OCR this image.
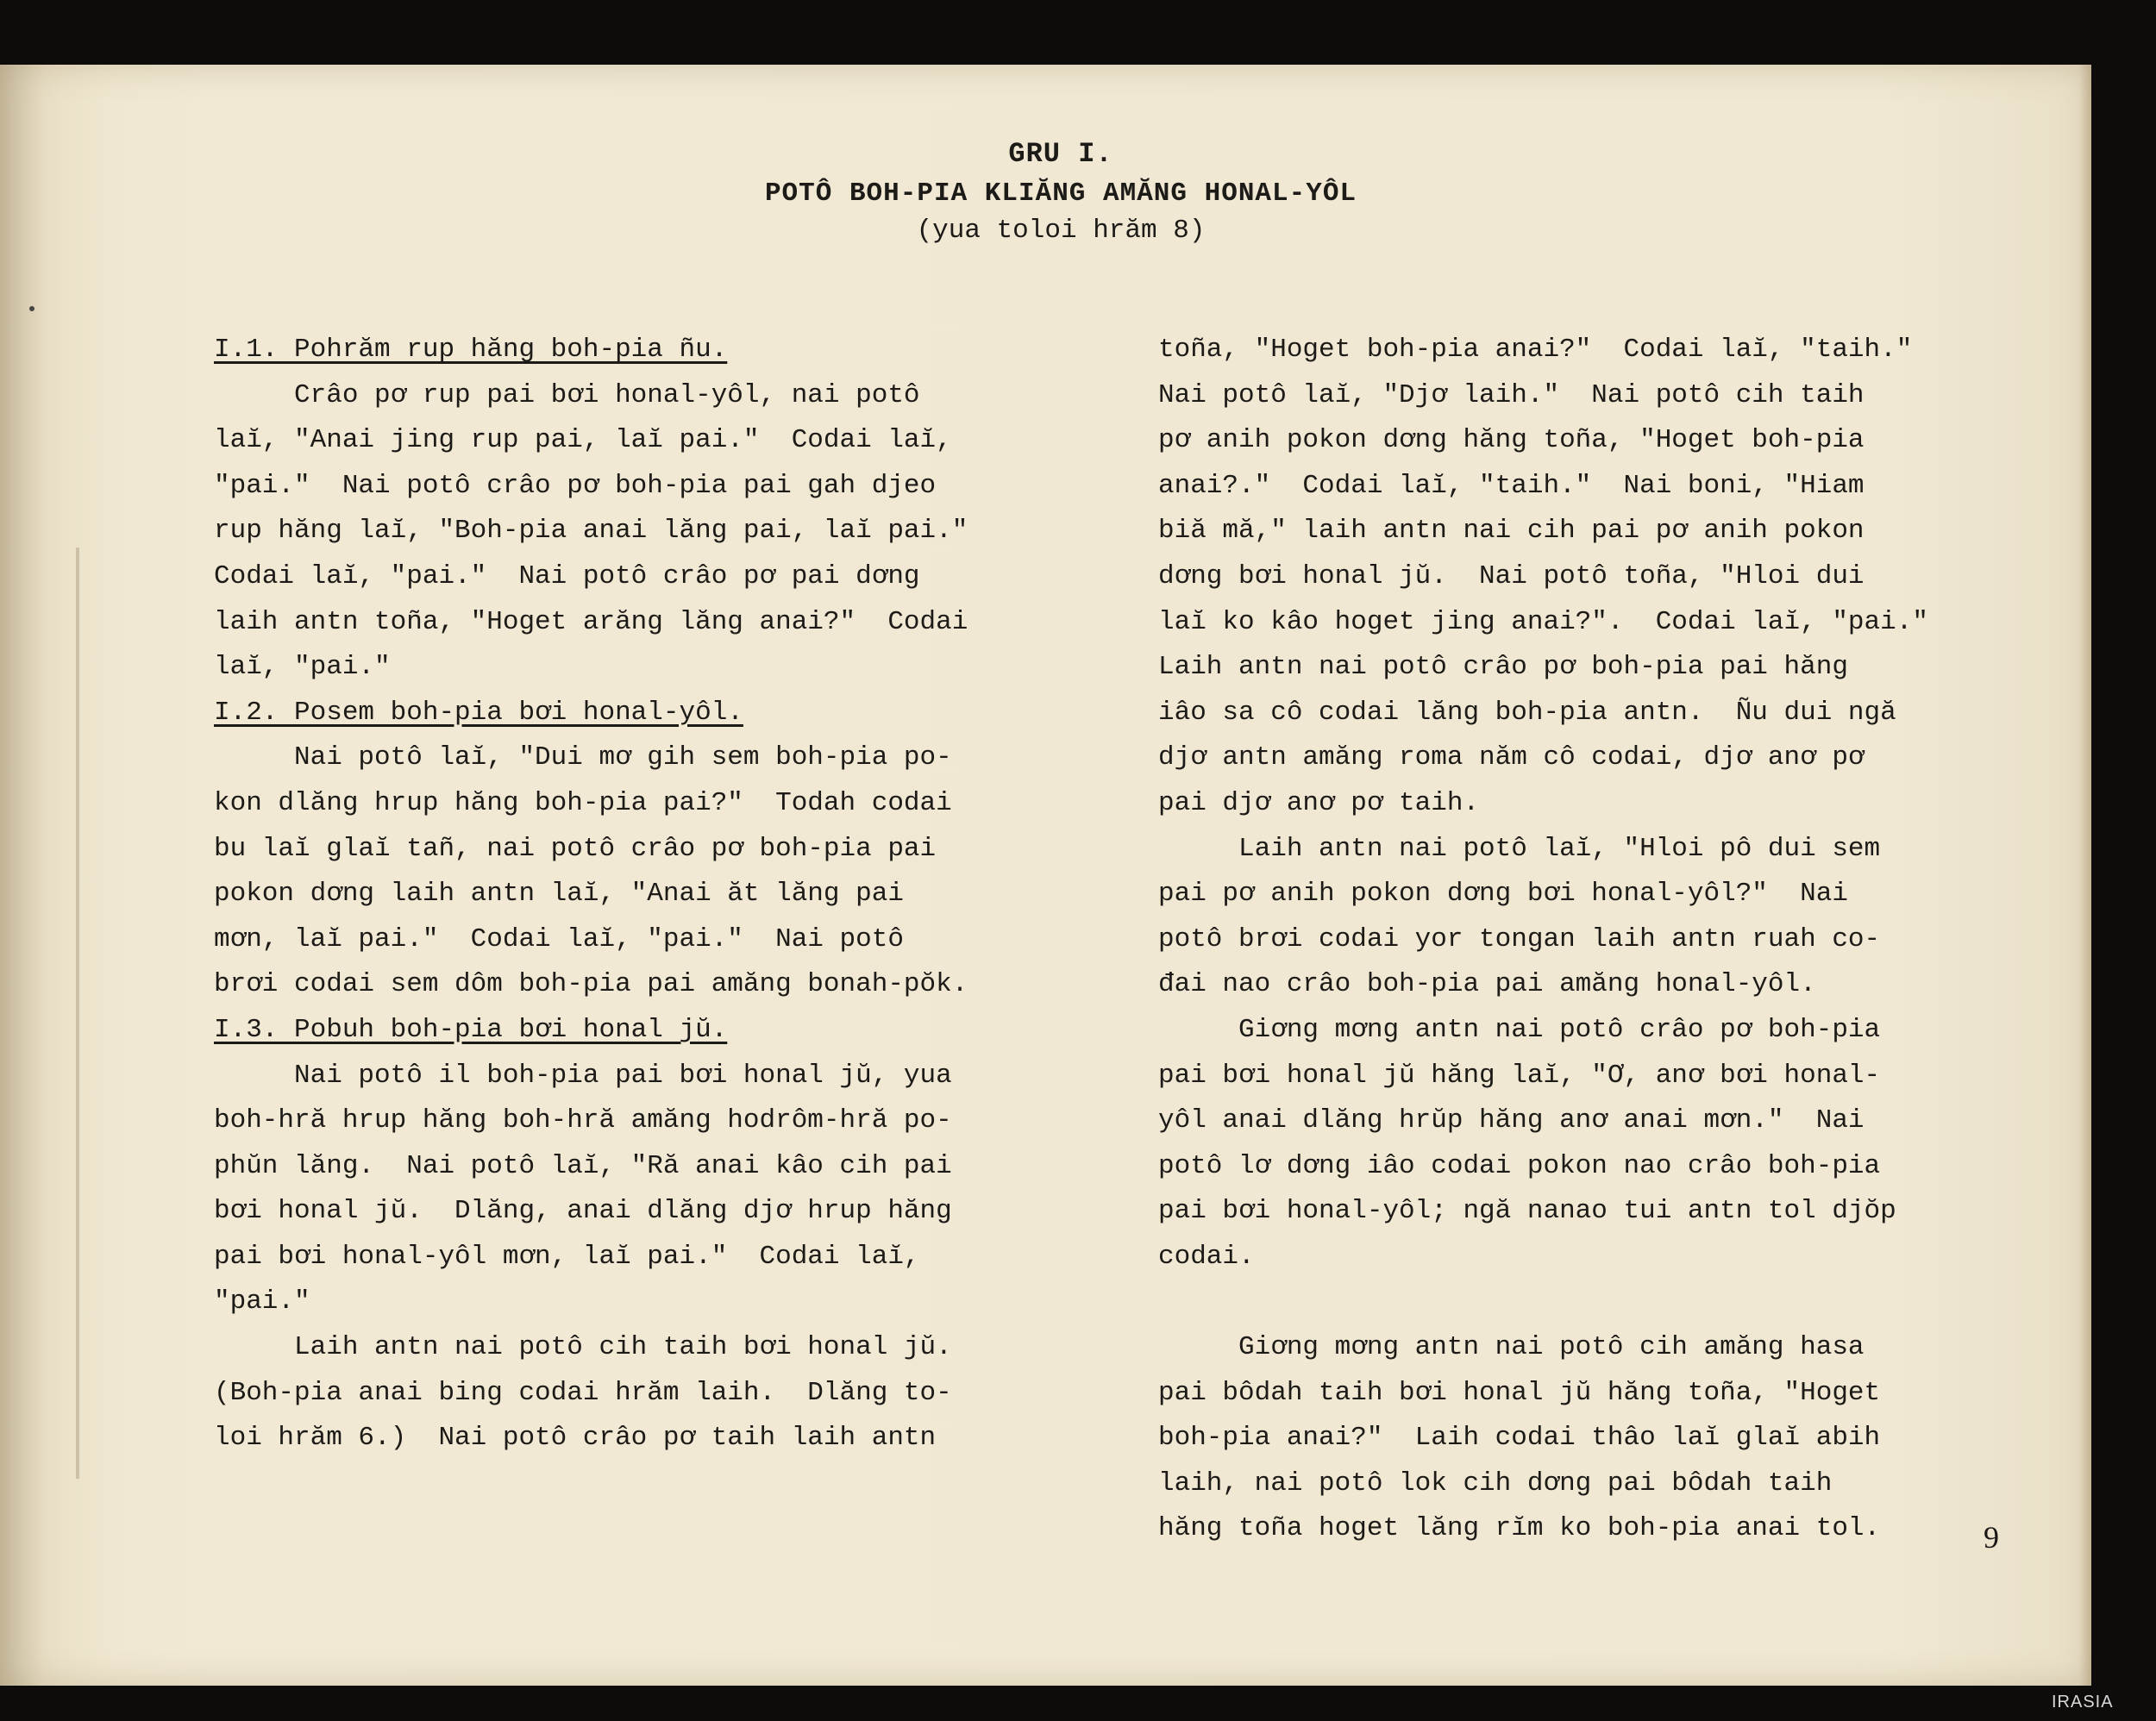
GRU I.
POTÔ BOH-PIA KLIĂNG AMĂNG HONAL-YÔL
(yua toloi hrăm 8)
I.1. Pohrăm rup hăng boh-pia ñu.
Crâo pơ rup pai bơi honal-yôl, nai potô
laĭ, "Anai jing rup pai, laĭ pai."  Codai laĭ,
"pai."  Nai potô crâo pơ boh-pia pai gah djeo
rup hăng laĭ, "Boh-pia anai lăng pai, laĭ pai."
Codai laĭ, "pai."  Nai potô crâo pơ pai dơng
laih antn toña, "Hoget arăng lăng anai?"  Codai
laĭ, "pai."
I.2. Posem boh-pia bơi honal-yôl.
Nai potô laĭ, "Dui mơ gih sem boh-pia po-
kon dlăng hrup hăng boh-pia pai?"  Todah codai
bu laĭ glaĭ tañ, nai potô crâo pơ boh-pia pai
pokon dơng laih antn laĭ, "Anai ăt lăng pai
mơn, laĭ pai."  Codai laĭ, "pai."  Nai potô
brơi codai sem dôm boh-pia pai amăng bonah-pŏk.
I.3. Pobuh boh-pia bơi honal jŭ.
Nai potô il boh-pia pai bơi honal jŭ, yua
boh-hră hrup hăng boh-hră amăng hodrôm-hră po-
phŭn lăng.  Nai potô laĭ, "Ră anai kâo cih pai
bơi honal jŭ.  Dlăng, anai dlăng djơ hrup hăng
pai bơi honal-yôl mơn, laĭ pai."  Codai laĭ,
"pai."
Laih antn nai potô cih taih bơi honal jŭ.
(Boh-pia anai bing codai hrăm laih.  Dlăng to-
loi hrăm 6.)  Nai potô crâo pơ taih laih antn
toña, "Hoget boh-pia anai?"  Codai laĭ, "taih."
Nai potô laĭ, "Djơ laih."  Nai potô cih taih
pơ anih pokon dơng hăng toña, "Hoget boh-pia
anai?."  Codai laĭ, "taih."  Nai boni, "Hiam
biă mă," laih antn nai cih pai pơ anih pokon
dơng bơi honal jŭ.  Nai potô toña, "Hloi dui
laĭ ko kâo hoget jing anai?".  Codai laĭ, "pai."
Laih antn nai potô crâo pơ boh-pia pai hăng
iâo sa cô codai lăng boh-pia antn.  Ñu dui ngă
djơ antn amăng roma năm cô codai, djơ anơ pơ
pai djơ anơ pơ taih.
Laih antn nai potô laĭ, "Hloi pô dui sem
pai pơ anih pokon dơng bơi honal-yôl?"  Nai
potô brơi codai yor tongan laih antn ruah co-
đai nao crâo boh-pia pai amăng honal-yôl.
Giơng mơng antn nai potô crâo pơ boh-pia
pai bơi honal jŭ hăng laĭ, "Ơ, anơ bơi honal-
yôl anai dlăng hrŭp hăng anơ anai mơn."  Nai
potô lơ dơng iâo codai pokon nao crâo boh-pia
pai bơi honal-yôl; ngă nanao tui antn tol djŏp
codai.
Giơng mơng antn nai potô cih amăng hasa
pai bôdah taih bơi honal jŭ hăng toña, "Hoget
boh-pia anai?"  Laih codai thâo laĭ glaĭ abih
laih, nai potô lok cih dơng pai bôdah taih
hăng toña hoget lăng rĭm ko boh-pia anai tol.	9
IRASIA
